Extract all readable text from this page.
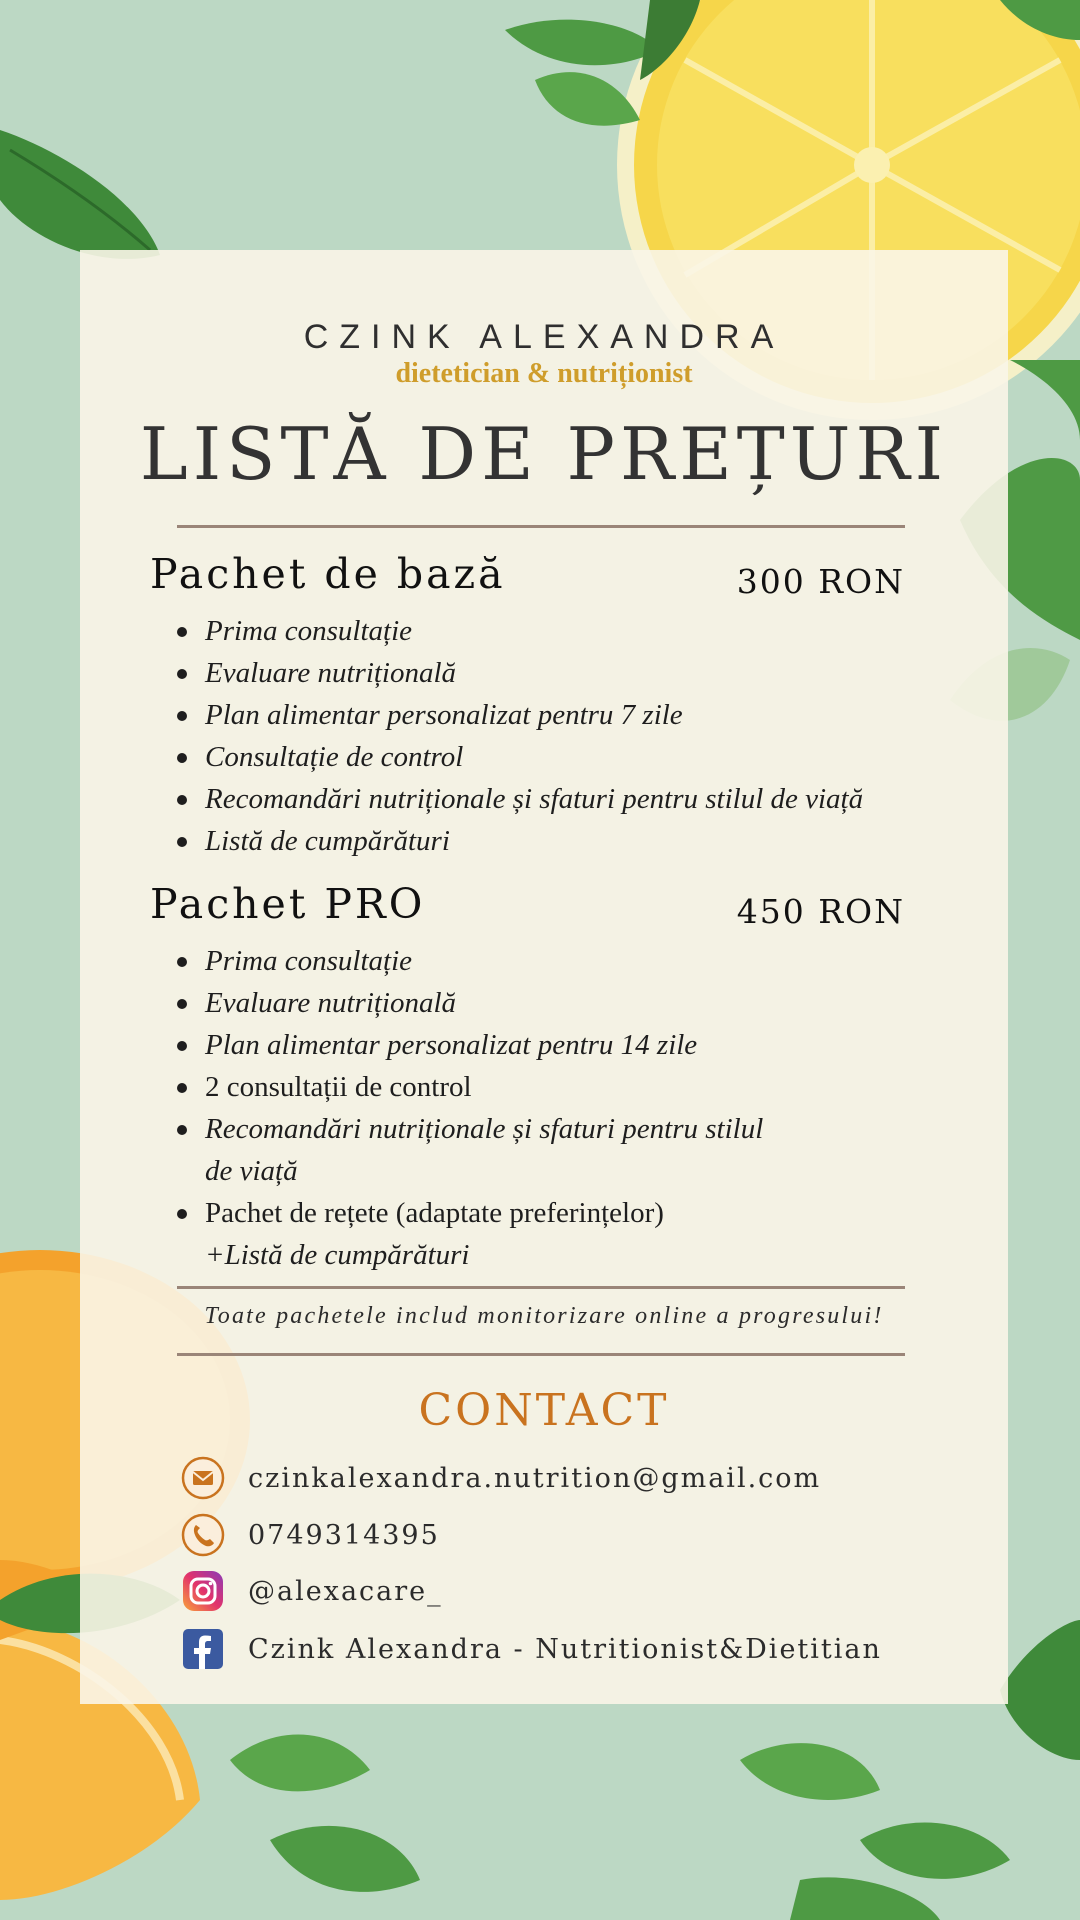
CZINK ALEXANDRA
dietetician & nutriționist
LISTĂ DE PREȚURI
Pachet de bază	300 RON
Prima consultație
Evaluare nutrițională
Plan alimentar personalizat pentru 7 zile
Consultație de control
Recomandări nutriționale și sfaturi pentru stilul de viață
Listă de cumpărături
Pachet PRO	450 RON
Prima consultație
Evaluare nutrițională
Plan alimentar personalizat pentru 14 zile
2 consultații de control
Recomandări nutriționale și sfaturi pentru stilul
de viață
Pachet de rețete (adaptate preferințelor)
+Listă de cumpărături
Toate pachetele includ monitorizare online a progresului!
CONTACT
czinkalexandra.nutrition@gmail.com
0749314395
@alexacare_
Czink Alexandra - Nutritionist&Dietitian
